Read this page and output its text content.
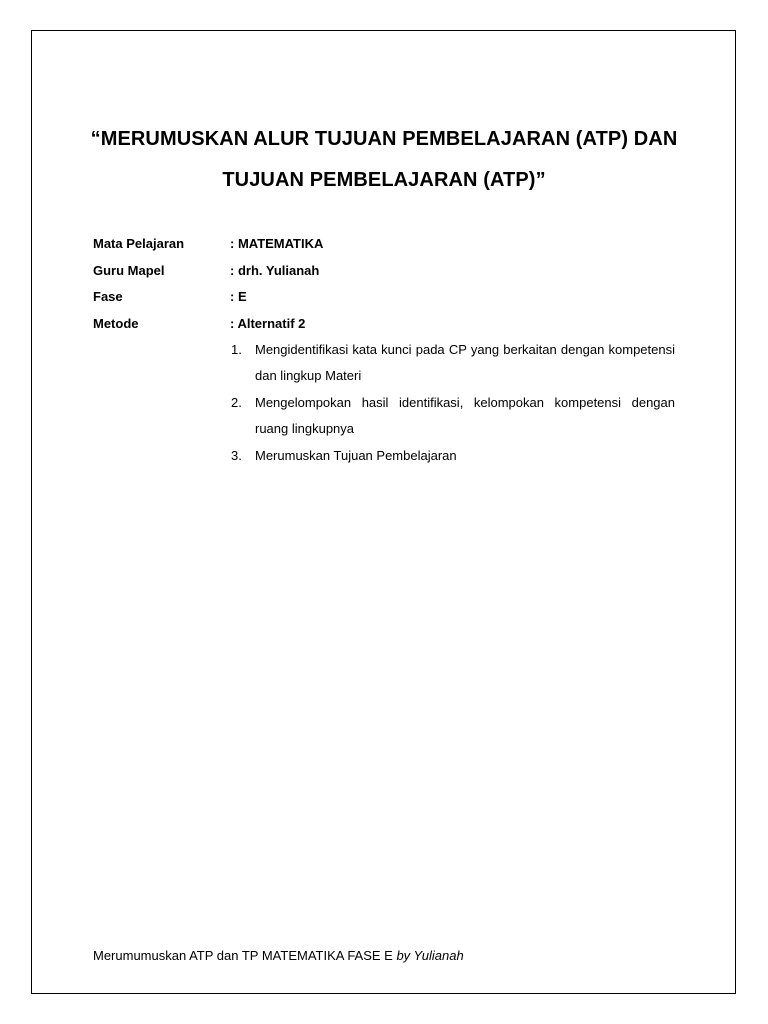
“MERUMUSKAN ALUR TUJUAN PEMBELAJARAN (ATP) DAN
TUJUAN PEMBELAJARAN (ATP)”
Mata Pelajaran	: MATEMATIKA
Guru Mapel	: drh. Yulianah
Fase	: E
Metode	: Alternatif 2
1. Mengidentifikasi kata kunci pada CP yang berkaitan dengan kompetensi dan lingkup Materi
2. Mengelompokan hasil identifikasi, kelompokan kompetensi dengan ruang lingkupnya
3. Merumuskan Tujuan Pembelajaran
Merumumuskan ATP dan TP MATEMATIKA FASE E by Yulianah
